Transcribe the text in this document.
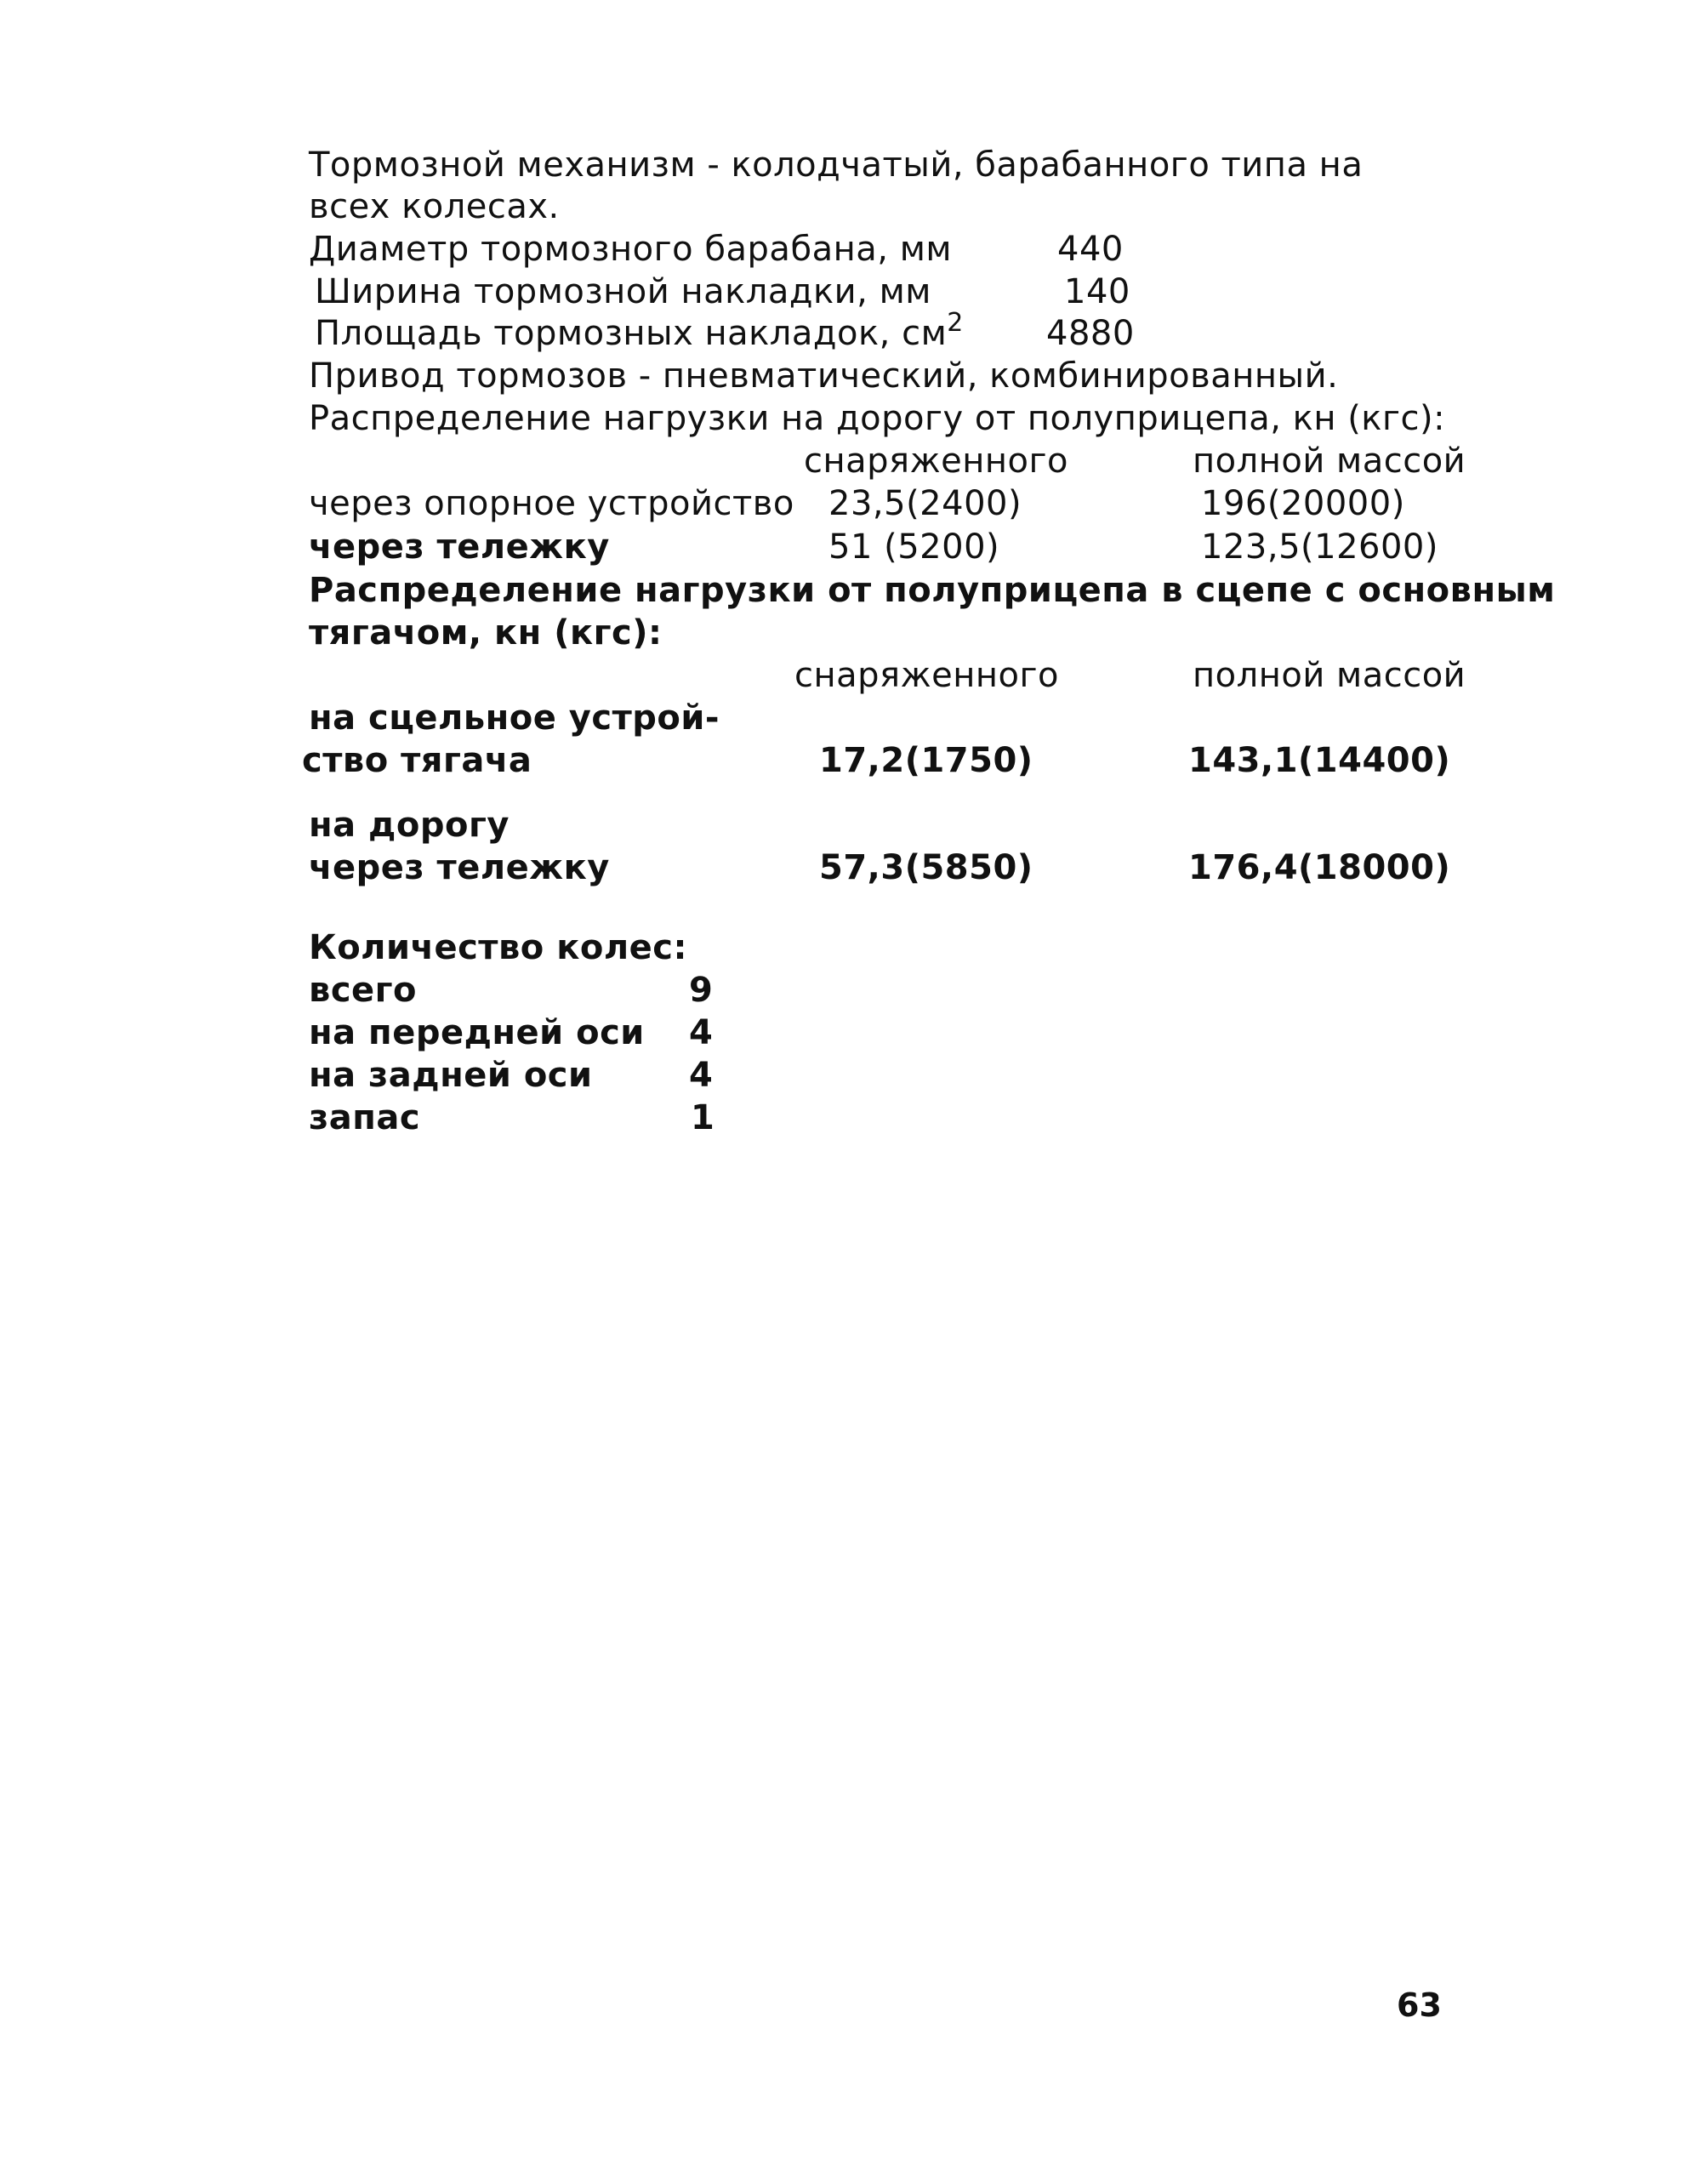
Тормозной механизм - колодчатый, барабанного типа на
всех колесах.
Диаметр тормозного барабана, мм	440
Ширина тормозной накладки, мм	140
Площадь тормозных накладок, $см^2$ 4880
Привод тормозов - пневматический, комбинированный.
Распределение нагрузки на дорогу от полуприцепа, кн (кгс):
снаряженного	полной массой
через опорное устройство 23,5(2400)	196(20000)
через тележку	51 (5200)	123,5(12600)
Распределение нагрузки от полуприцепа в сцепе с основным
тягачом, кн (кгс):
снаряженного	полной массой
на сцельное устрой-
ство тягача	17,2(1750)	143,1(14400)
на дорогу
через тележку	57,3(5850)	176,4(18000)
Количество колес:
всего	9
на передней оси 4
на задней оси	4
запас	1
63
